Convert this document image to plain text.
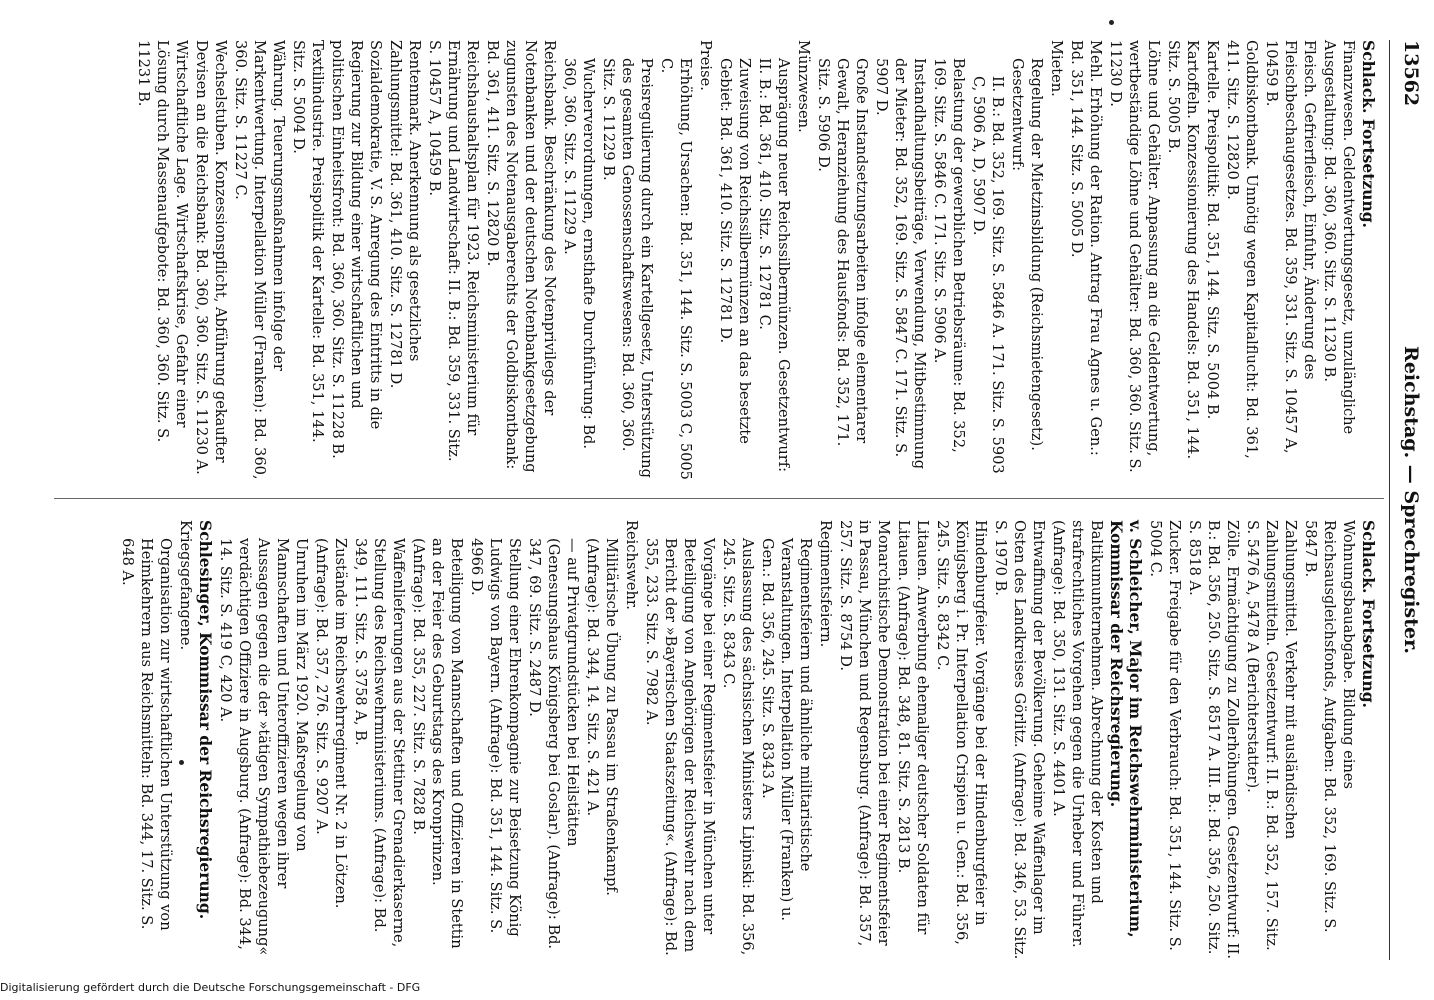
13562
Reichstag. — Sprechregister.
Schlack. Fortsetzung.
Finanzwesen. Geldentwertungsgesetz, unzulängliche Ausgestaltung: Bd. 360, 360. Sitz. S. 11230 B.
Fleisch. Gefrierfleisch, Einfuhr, Änderung des Fleischbeschaugesetzes. Bd. 359, 331. Sitz. S. 10457 A, 10459 B.
Goldbiskontbank. Unnötig wegen Kapitalflucht: Bd. 361, 411. Sitz. S. 12820 B.
Kartelle. Preispolitik: Bd. 351, 144. Sitz. S. 5004 B.
Kartoffeln. Konzessionierung des Handels: Bd. 351, 144. Sitz. S. 5005 B.
Löhne und Gehälter. Anpassung an die Geldentwertung, wertbeständige Löhne und Gehälter: Bd. 360, 360. Sitz. S. 11230 D.
Mehl. Erhöhung der Ration. Antrag Frau Agnes u. Gen.: Bd. 351, 144. Sitz. S. 5005 D.
Mieten.
Regelung der Mietzinsbildung (Reichsmietengesetz). Gesetzentwurf:
II. B.: Bd. 352, 169. Sitz. S. 5846 A. 171. Sitz. S. 5903 C, 5906 A, D, 5907 D.
Belastung der gewerblichen Betriebsräume: Bd. 352, 169. Sitz. S. 5846 C. 171. Sitz. S. 5906 A.
Instandhaltungsbeiträge, Verwendung, Mitbestimmung der Mieter: Bd. 352, 169. Sitz. S. 5847 C. 171. Sitz. S. 5907 D.
Große Instandsetzungsarbeiten infolge elementarer Gewalt, Heranziehung des Hausfonds: Bd. 352, 171. Sitz. S. 5906 D.
Münzwesen.
Ausprägung neuer Reichssilbermünzen. Gesetzentwurf: II. B.: Bd. 361, 410. Sitz. S. 12781 C.
Zuweisung von Reichssilbermünzen an das besetzte Gebiet: Bd. 361, 410. Sitz. S. 12781 D.
Preise.
Erhöhung, Ursachen: Bd. 351, 144. Sitz. S. 5003 C, 5005 C.
Preisregulierung durch ein Kartellgesetz, Unterstützung des gesamten Genossenschaftswesens: Bd. 360, 360. Sitz. S. 11229 B.
Wucherverordnungen, ernsthafte Durchführung: Bd. 360, 360. Sitz. S. 11229 A.
Reichsbank. Beschränkung des Notenprivilegs der Notenbanken und der deutschen Notenbankgesetzgebung zugunsten des Notenausgaberechts der Goldbiskontbank: Bd. 361, 411. Sitz. S. 12820 B.
Reichshaushaltsplan für 1923. Reichsministerium für Ernährung und Landwirtschaft: II. B.: Bd. 359, 331. Sitz. S. 10457 A, 10459 B.
Rentenmark. Anerkennung als gesetzliches Zahlungsmittel: Bd. 361, 410. Sitz. S. 12781 D.
Sozialdemokratie, V. S. Anregung des Eintritts in die Regierung zur Bildung einer wirtschaftlichen und politischen Einheitsfront: Bd. 360, 360. Sitz. S. 11228 B.
Textilindustrie. Preispolitik der Kartelle: Bd. 351, 144. Sitz. S. 5004 D.
Währung. Teuerungsmaßnahmen infolge der Markentwertung. Interpellation Müller (Franken): Bd. 360, 360. Sitz. S. 11227 C.
Wechselstuben. Konzessionspflicht, Abführung gekaufter Devisen an die Reichsbank: Bd. 360, 360. Sitz. S. 11230 A.
Wirtschaftliche Lage. Wirtschaftskrise, Gefahr einer Lösung durch Massenaufgebote: Bd. 360, 360. Sitz. S. 11231 B.
Schlack. Fortsetzung.
Wohnungsbauabgabe. Bildung eines Reichsausgleichsfonds, Aufgaben: Bd. 352, 169. Sitz. S. 5847 B.
Zahlungsmittel. Verkehr mit ausländischen Zahlungsmitteln. Gesetzentwurf: II. B.: Bd. 352, 157. Sitz. S. 5476 A, 5478 A (Berichterstatter).
Zölle. Ermächtigung zu Zollerhöhungen. Gesetzentwurf: II. B.: Bd. 356, 250. Sitz. S. 8517 A. III. B.: Bd. 356, 250. Sitz. S. 8518 A.
Zucker. Freigabe für den Verbrauch: Bd. 351, 144. Sitz. S. 5004 C.
v. Schleicher, Major im Reichswehrministerium, Kommissar der Reichsregierung.
Baltikumunternehmen. Abrechnung der Kosten und strafrechtliches Vorgehen gegen die Urheber und Führer. (Anfrage): Bd. 350, 131. Sitz. S. 4401 A.
Entwaffnung der Bevölkerung. Geheime Waffenlager im Osten des Landkreises Görlitz. (Anfrage): Bd. 346, 53. Sitz. S. 1970 B.
Hindenburgfeier. Vorgänge bei der Hindenburgfeier in Königsberg i. Pr. Interpellation Crispien u. Gen.: Bd. 356, 245. Sitz. S. 8342 C.
Litauen. Anwerbung ehemaliger deutscher Soldaten für Litauen. (Anfrage): Bd. 348, 81. Sitz. S. 2813 B.
Monarchistische Demonstration bei einer Regimentsfeier in Passau, München und Regensburg. (Anfrage): Bd. 357, 257. Sitz. S. 8754 D.
Regimentsfeiern.
Regimentsfeiern und ähnliche militaristische Veranstaltungen. Interpellation Müller (Franken) u. Gen.: Bd. 356, 245. Sitz. S. 8343 A.
Auslassung des sächsischen Ministers Lipinski: Bd. 356, 245. Sitz. S. 8343 C.
Vorgänge bei einer Regimentsfeier in München unter Beteiligung von Angehörigen der Reichswehr nach dem Bericht der »Bayerischen Staatszeitung«. (Anfrage): Bd. 355, 233. Sitz. S. 7982 A.
Reichswehr.
Militärische Übung zu Passau im Straßenkampf. (Anfrage): Bd. 344, 14. Sitz. S. 421 A.
— auf Privatgrundstücken bei Heilstätten (Genesungshaus Königsberg bei Goslar). (Anfrage): Bd. 347, 69. Sitz. S. 2487 D.
Stellung einer Ehrenkompagnie zur Beisetzung König Ludwigs von Bayern. (Anfrage): Bd. 351, 144. Sitz. S. 4966 D.
Beteiligung von Mannschaften und Offizieren in Stettin an der Feier des Geburtstags des Kronprinzen. (Anfrage): Bd. 355, 227. Sitz. S. 7828 B.
Waffenlieferungen aus der Stettiner Grenadierkaserne, Stellung des Reichswehrministeriums. (Anfrage): Bd. 349, 111. Sitz. S. 3758 A, B.
Zustände im Reichswehrregiment Nr. 2 in Lötzen. (Anfrage): Bd. 357, 276. Sitz. S. 9207 A.
Unruhen im März 1920. Maßregelung von Mannschaften und Unteroffizieren wegen ihrer Aussagen gegen die der »tätigen Sympathiebezeugung« verdächtigen Offiziere in Augsburg. (Anfrage): Bd. 344, 14. Sitz. S. 419 C, 420 A.
Schlesinger, Kommissar der Reichsregierung.
Kriegsgefangene.
Organisation zur wirtschaftlichen Unterstützung von Heimkehrern aus Reichsmitteln: Bd. 344, 17. Sitz. S. 648 A.
Digitalisierung gefördert durch die Deutsche Forschungsgemeinschaft - DFG
